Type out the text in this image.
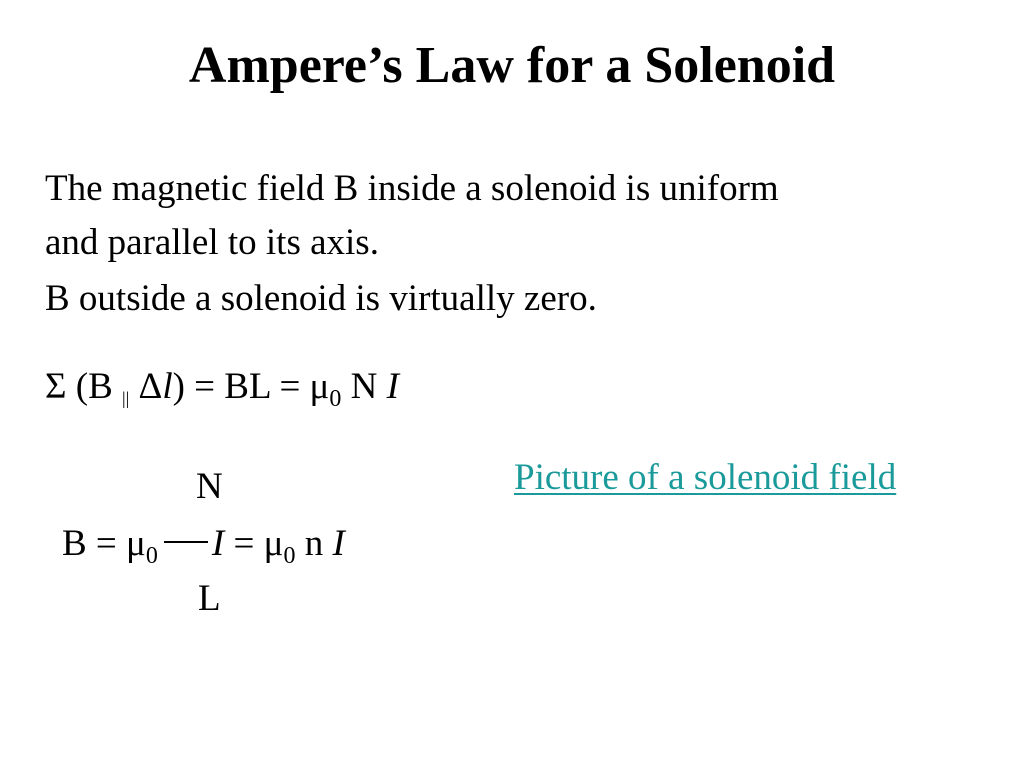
Ampere’s Law for a Solenoid
The magnetic field B inside a solenoid is uniform
and parallel to its axis.
B outside a solenoid is virtually zero.
Σ (B || Δl) = BL = $\mu_0$ N I
N
$B = \mu_0$ $I = \mu_0$ n I
L
Picture of a solenoid field
